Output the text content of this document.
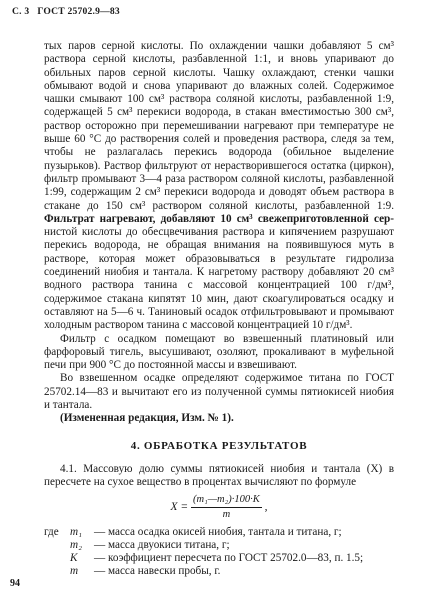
С. 3 ГОСТ 25702.9—83

тых паров серной кислоты. По охлаждении чашки добавляют 5 см³ раствора серной кислоты, разбавленной 1:1, и вновь упаривают до обильных паров серной кислоты. Чашку охлаждают, стенки чашки обмывают водой и снова упаривают до влажных солей. Содержимое чашки смывают 100 см³ раствора соляной кислоты, разбавленной 1:9, содержащей 5 см³ перекиси водорода, в стакан вместимостью 300 см³, раствор осторожно при перемешивании нагревают при температуре не выше 60 °С до растворения солей и проведения раствора, следя за тем, чтобы не разлагалась перекись водорода (обильное выделение пузырьков). Раствор фильтруют от нерастворившегося остатка (циркон), фильтр промывают 3—4 раза раствором соляной кислоты, разбавленной 1:99, содержащим 2 см³ перекиси водорода и доводят объем раствора в стакане до 150 см³ раствором соляной кислоты, разбавленной 1:9. Фильтрат нагревают, добавляют 10 см³ свежеприготовленной сер-нистой кислоты до обесцвечивания раствора и кипячением разрушают перекись водорода, не обращая внимания на появившуюся муть в растворе, которая может образовываться в результате гидролиза соединений ниобия и тантала. К нагретому раствору добавляют 20 см³ водного раствора танина с массовой концентрацией 100 г/дм³, содержимое стакана кипятят 10 мин, дают скоагулироваться осадку и оставляют на 5—6 ч. Таниновый осадок отфильтровывают и промывают холодным раствором танина с массовой концентрацией 10 г/дм³.

Фильтр с осадком помещают во взвешенный платиновый или фарфоровый тигель, высушивают, озоляют, прокаливают в муфельной печи при 900 °С до постоянной массы и взвешивают.

Во взвешенном осадке определяют содержимое титана по ГОСТ 25702.14—83 и вычитают его из полученной суммы пятиокисей ниобия и тантала.

(Измененная редакция, Изм. № 1).

4. ОБРАБОТКА РЕЗУЛЬТАТОВ

4.1. Массовую долю суммы пятиокисей ниобия и тантала (X) в пересчете на сухое вещество в процентах вычисляют по формуле

$X = \frac{\text{(m₁—m₂)·100·K}}{m}$ ,
где	m₁	— масса осадка окисей ниобия, тантала и титана, г;
m₂	— масса двуокиси титана, г;
K	— коэффициент пересчета по ГОСТ 25702.0—83, п. 1.5;
m	— масса навески пробы, г.
94
